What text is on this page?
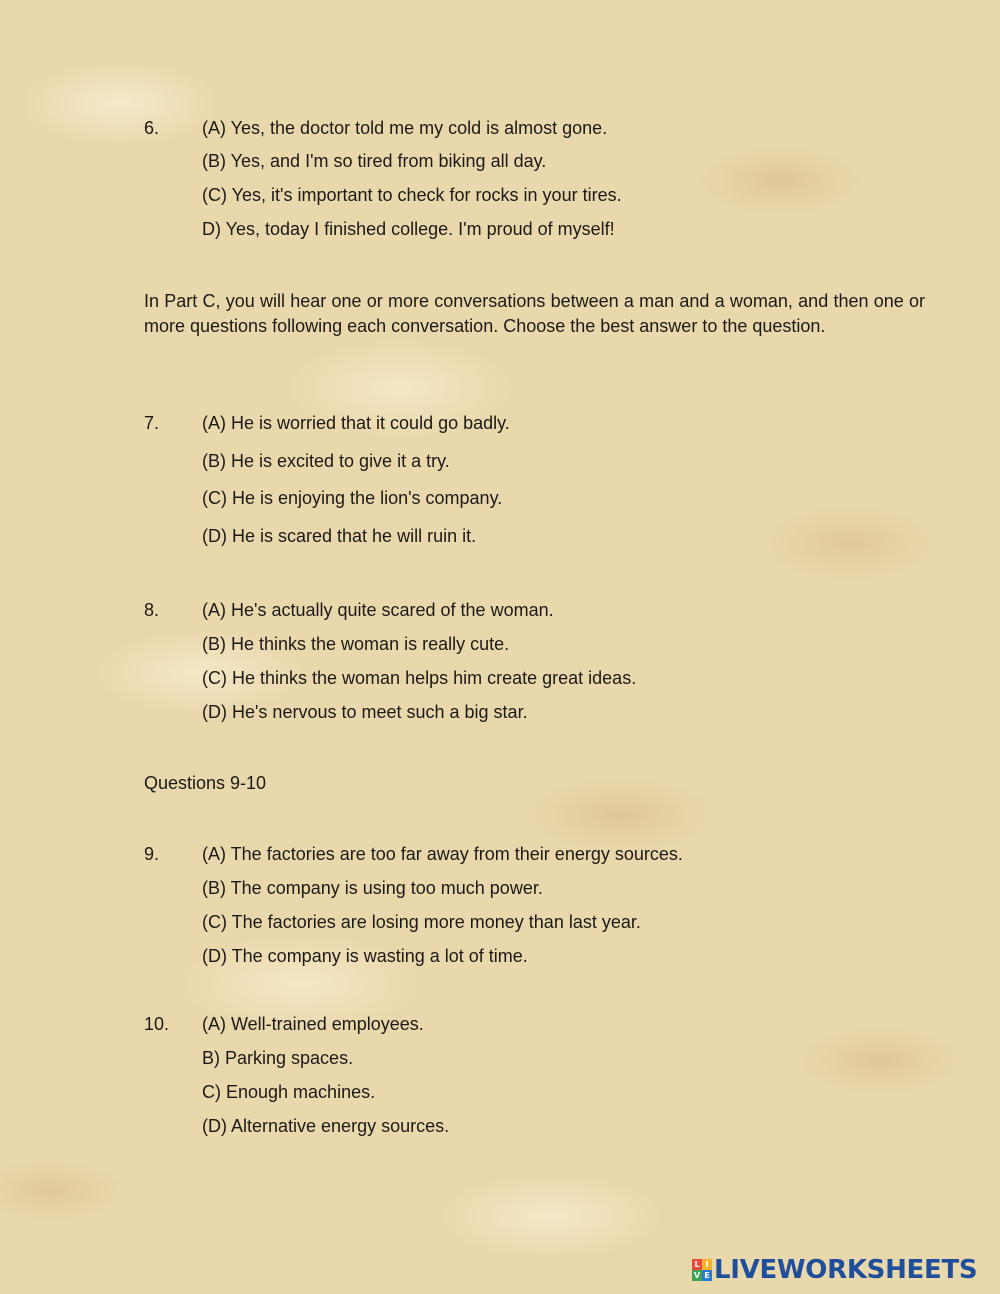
6. (A) Yes, the doctor told me my cold is almost gone.
(B) Yes, and I'm so tired from biking all day.
(C) Yes, it's important to check for rocks in your tires.
D) Yes, today I finished college. I'm proud of myself!
In Part C, you will hear one or more conversations between a man and a woman, and then one or more questions following each conversation. Choose the best answer to the question.
7. (A) He is worried that it could go badly.
(B) He is excited to give it a try.
(C) He is enjoying the lion's company.
(D) He is scared that he will ruin it.
8. (A) He's actually quite scared of the woman.
(B) He thinks the woman is really cute.
(C) He thinks the woman helps him create great ideas.
(D) He's nervous to meet such a big star.
Questions 9-10
9. (A) The factories are too far away from their energy sources.
(B) The company is using too much power.
(C) The factories are losing more money than last year.
(D) The company is wasting a lot of time.
10. (A) Well-trained employees.
B) Parking spaces.
C) Enough machines.
(D) Alternative energy sources.
L I
V E LIVEWORKSHEETS
